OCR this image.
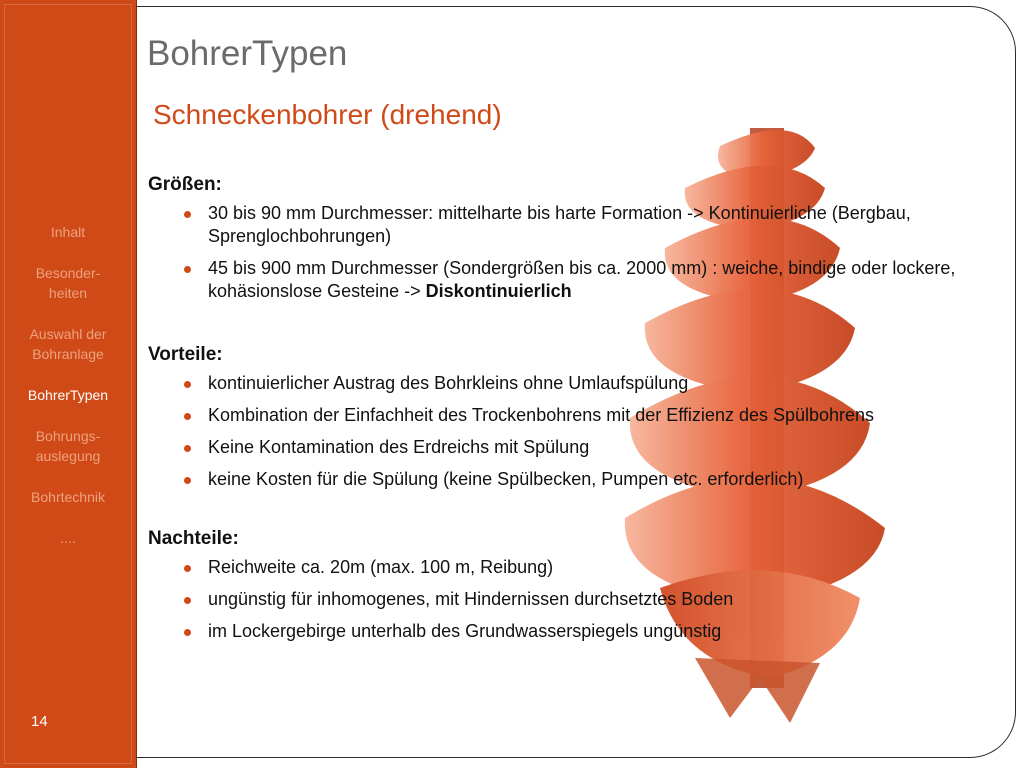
Inhalt
Besonder-
heiten
Auswahl der
Bohranlage
BohrerTypen
Bohrungs-
auslegung
Bohrtechnik
....
14
BohrerTypen
Schneckenbohrer (drehend)

Größen:

30 bis 90 mm Durchmesser: mittelharte bis harte Formation -> Kontinuierliche (Bergbau, Sprenglochbohrungen)
45 bis 900 mm Durchmesser (Sondergrößen bis ca. 2000 mm) : weiche, bindige oder lockere, kohäsionslose Gesteine -> Diskontinuierlich

Vorteile:

kontinuierlicher Austrag des Bohrkleins ohne Umlaufspülung
Kombination der Einfachheit des Trockenbohrens mit der Effizienz des Spülbohrens
Keine Kontamination des Erdreichs mit Spülung
keine Kosten für die Spülung (keine Spülbecken, Pumpen etc. erforderlich)

Nachteile:

Reichweite ca. 20m (max. 100 m, Reibung)
ungünstig für inhomogenes, mit Hindernissen durchsetztes Boden
im Lockergebirge unterhalb des Grundwasserspiegels ungünstig
